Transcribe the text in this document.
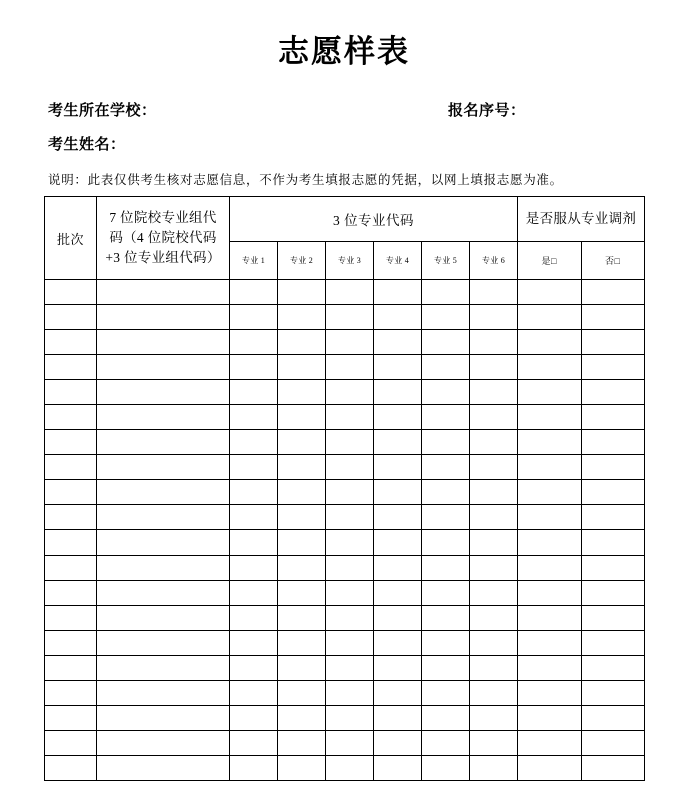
志愿样表
考生所在学校：	报名序号：
考生姓名：
说明：此表仅供考生核对志愿信息，不作为考生填报志愿的凭据，以网上填报志愿为准。
批次	7 位院校专业组代码（4 位院校代码+3 位专业组代码）	3 位专业代码						是否服从专业调剂	
		专业 1	专业 2	专业 3	专业 4	专业 5	专业 6	是□	否□
